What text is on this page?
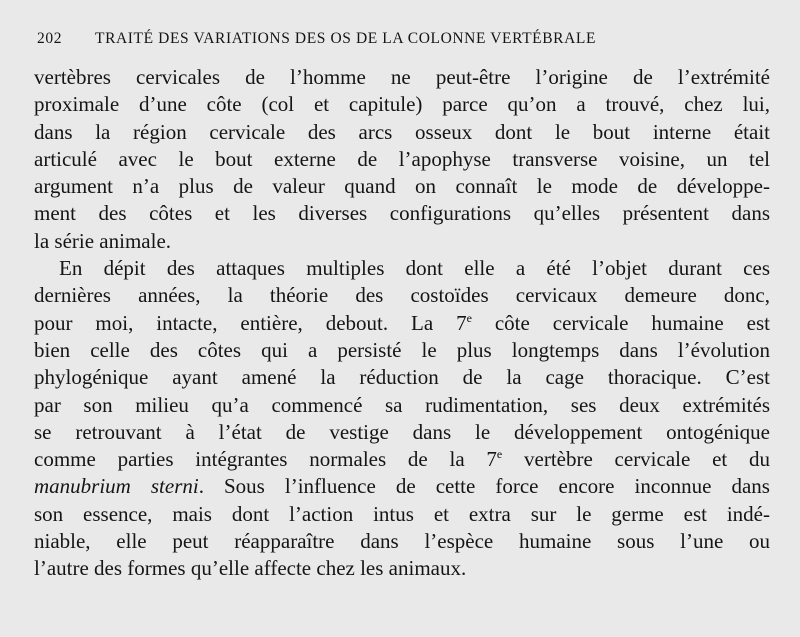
202 TRAITÉ DES VARIATIONS DES OS DE LA COLONNE VERTÉBRALE
vertèbres cervicales de l’homme ne peut-être l’origine de l’extrémité
proximale d’une côte (col et capitule) parce qu’on a trouvé, chez lui,
dans la région cervicale des arcs osseux dont le bout interne était
articulé avec le bout externe de l’apophyse transverse voisine, un tel
argument n’a plus de valeur quand on connaît le mode de développe-
ment des côtes et les diverses configurations qu’elles présentent dans
la série animale.
En dépit des attaques multiples dont elle a été l’objet durant ces
dernières années, la théorie des costoïdes cervicaux demeure donc,
pour moi, intacte, entière, debout. La 7e côte cervicale humaine est
bien celle des côtes qui a persisté le plus longtemps dans l’évolution
phylogénique ayant amené la réduction de la cage thoracique. C’est
par son milieu qu’a commencé sa rudimentation, ses deux extrémités
se retrouvant à l’état de vestige dans le développement ontogénique
comme parties intégrantes normales de la 7e vertèbre cervicale et du
manubrium sterni. Sous l’influence de cette force encore inconnue dans
son essence, mais dont l’action intus et extra sur le germe est indé-
niable, elle peut réapparaître dans l’espèce humaine sous l’une ou
l’autre des formes qu’elle affecte chez les animaux.
